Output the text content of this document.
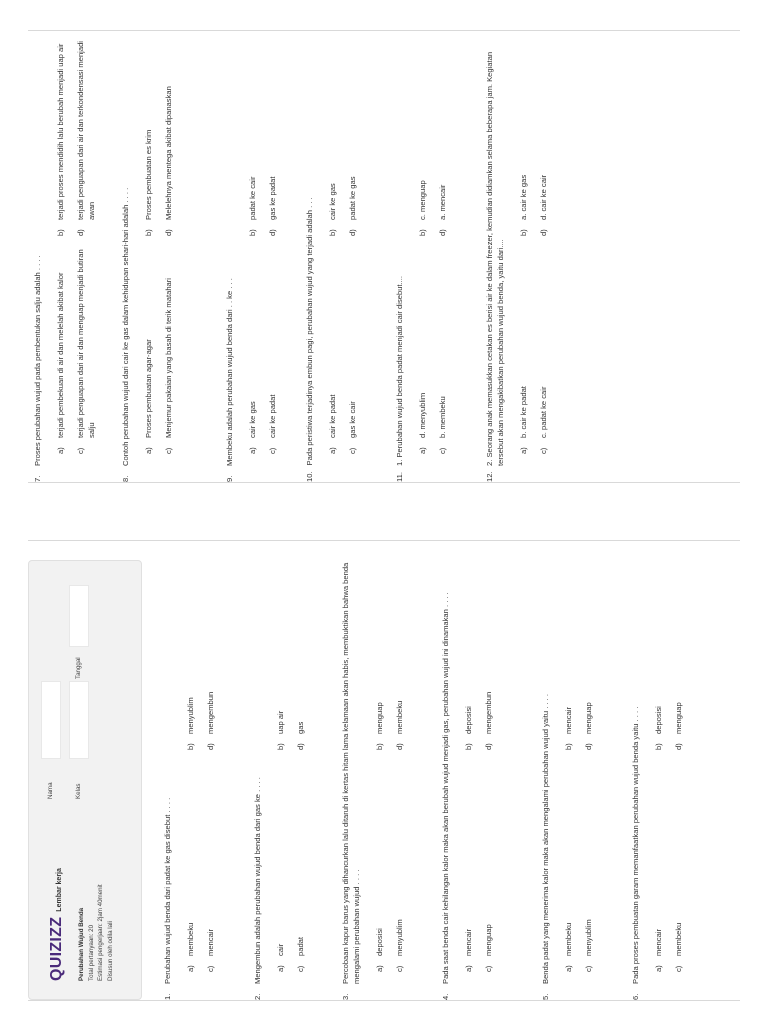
7.
Proses perubahan wujud pada pembentukan salju adalah . . . . a)
terjadi pembekuan di air dan melelah akibat kalor
b)
terjadi proses mendidih lalu berubah menjadi uap air
c)
terjadi penguapan dari air dan menguap menjadi butiran salju
d)
terjadi penguapan dari air dan terkondensasi menjadi awan
8.
Contoh perubahan wujud dari cair ke gas dalam kehidupan sehari-hari adalah . . . . a)
Proses pembuatan agar-agar
b)
Proses pembuatan es krim
c)
Menjemur pakaian yang basah di terik matahari
d)
Melelehnya mentega akibat dipanaskan
9.
Membeku adalah perubahan wujud benda dari . . ke . . . a)
cair ke gas
b)
padat ke cair
c)
cair ke padat
d)
gas ke padat
10.
Pada peristiwa terjadinya embun pagi, perubahan wujud yang terjadi adalah . . . a)
cair ke padat
b)
cair ke gas
c)
gas ke cair
d)
padat ke gas
11.
1. Perubahan wujud benda padat menjadi cair disebut.... a)
d. menyublim
b)
c. menguap
c)
b. membeku
d)
a. mencair
12.
2. Seorang anak memasukkan cetakan es berisi air ke dalam freezer, kemudian didiamkan selama beberapa jam. Kegiatan tersebut akan mengakibatkan perubahan wujud benda, yaitu dari.... a)
b. cair ke padat
b)
a. cair ke gas
c)
c. padat ke cair
d)
d. cair ke cair
QUIZIZZ
Lembar kerja
Perubahan Wujud Benda Total pertanyaan: 20 Estimasi pengerjaan: 2jam 40menit Disusun oleh odila lali
Nama	Kelas
Tanggal
1.
Perubahan wujud benda dari padat ke gas disebut . . . . a)
membeku
b)
menyublim
c)
mencair
d)
mengembun
2.
Mengembun adalah perubahan wujud benda dari gas ke . . . . a)
cair
b)
uap air
c)
padat
d)
gas
3.
Percobaan kapur barus yang dihancurkan lalu ditaruh di kertas hitam lama kelamaan akan habis, membuktikan bahwa benda mengalami perubahan wujud . . . . a)
deposisi
b)
menguap
c)
menyublim
d)
membeku
4.
Pada saat benda cair kehilangan kalor maka akan berubah wujud menjadi gas, perubahan wujud ini dinamakan . . . . a)
mencair
b)
deposisi
c)
menguap
d)
mengembun
5.
Benda padat yang menerima kalor maka akan mengalami perubahan wujud yaitu . . . . a)
membeku
b)
mencair
c)
menyublim
d)
menguap
6.
Pada proses pembuatan garam memanfaatkan perubahan wujud benda yaitu . . . . a)
mencair
b)
deposisi
c)
membeku
d)
menguap
